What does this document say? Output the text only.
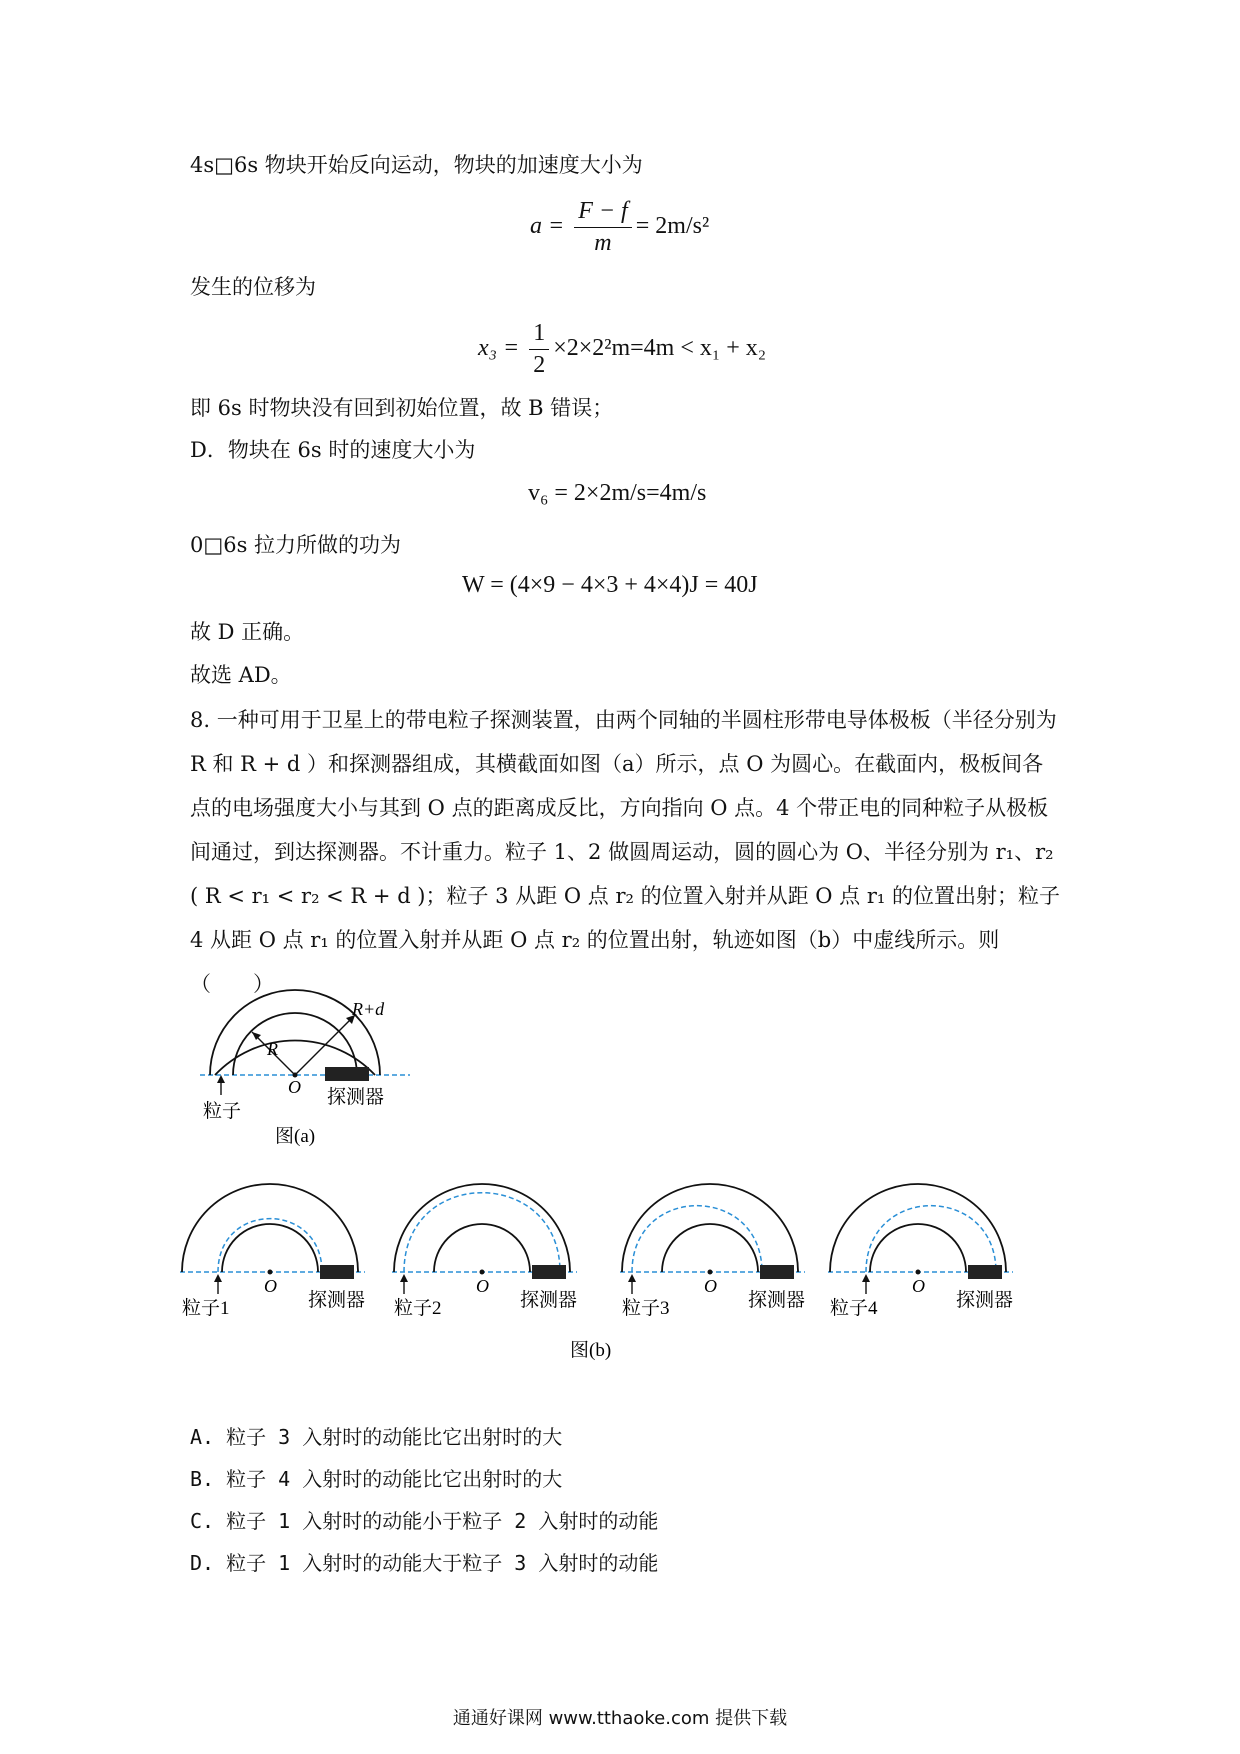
4s□6s 物块开始反向运动，物块的加速度大小为
$a = \frac{F - f}{m} = 2m/s^2$
发生的位移为
$x_3 = \frac{1}{2} \times 2\times 2^2m=4m < x_1 + x_2$
即 6s 时物块没有回到初始位置，故 B 错误；
D．物块在 6s 时的速度大小为
v₆ = 2×2m/s=4m/s
0□6s 拉力所做的功为
W = (4×9 − 4×3 + 4×4)J = 40J
故 D 正确。
故选 AD。
8. 一种可用于卫星上的带电粒子探测装置，由两个同轴的半圆柱形带电导体极板（半径分别为 R 和 R + d ）和探测器组成，其横截面如图（a）所示，点 O 为圆心。在截面内，极板间各点的电场强度大小与其到 O 点的距离成反比，方向指向 O 点。4 个带正电的同种粒子从极板间通过，到达探测器。不计重力。粒子 1、2 做圆周运动，圆的圆心为 O、半径分别为 r₁、r₂ ( R < r₁ < r₂ < R + d )；粒子 3 从距 O 点 r₂ 的位置入射并从距 O 点 r₁ 的位置出射；粒子 4 从距 O 点 r₁ 的位置入射并从距 O 点 r₂ 的位置出射，轨迹如图（b）中虚线所示。则（　　）
R
R+d
O
粒子
探测器
图(a)
O
粒子1	探测器
O
粒子2	探测器
O
粒子3	探测器
O
粒子4	探测器
图(b)
A. 粒子 3 入射时的动能比它出射时的大
B. 粒子 4 入射时的动能比它出射时的大
C. 粒子 1 入射时的动能小于粒子 2 入射时的动能
D. 粒子 1 入射时的动能大于粒子 3 入射时的动能
通通好课网 www.tthaoke.com 提供下载
